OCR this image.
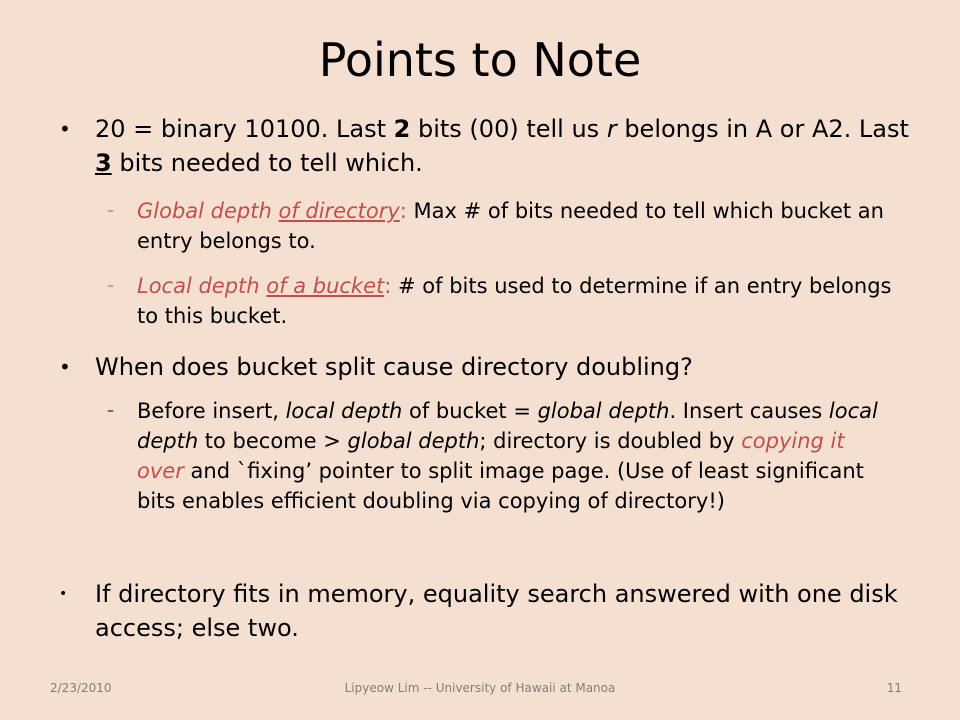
Points to Note
• 20 = binary 10100. Last 2 bits (00) tell us r belongs in A or A2. Last 3 bits needed to tell which.
– Global depth of directory: Max # of bits needed to tell which bucket an entry belongs to.
– Local depth of a bucket: # of bits used to determine if an entry belongs to this bucket.
• When does bucket split cause directory doubling?
– Before insert, local depth of bucket = global depth. Insert causes local depth to become > global depth; directory is doubled by copying it over and `fixing’ pointer to split image page. (Use of least significant bits enables efficient doubling via copying of directory!)
• If directory fits in memory, equality search answered with one disk access; else two.
2/23/2010	Lipyeow Lim -- University of Hawaii at Manoa	11
